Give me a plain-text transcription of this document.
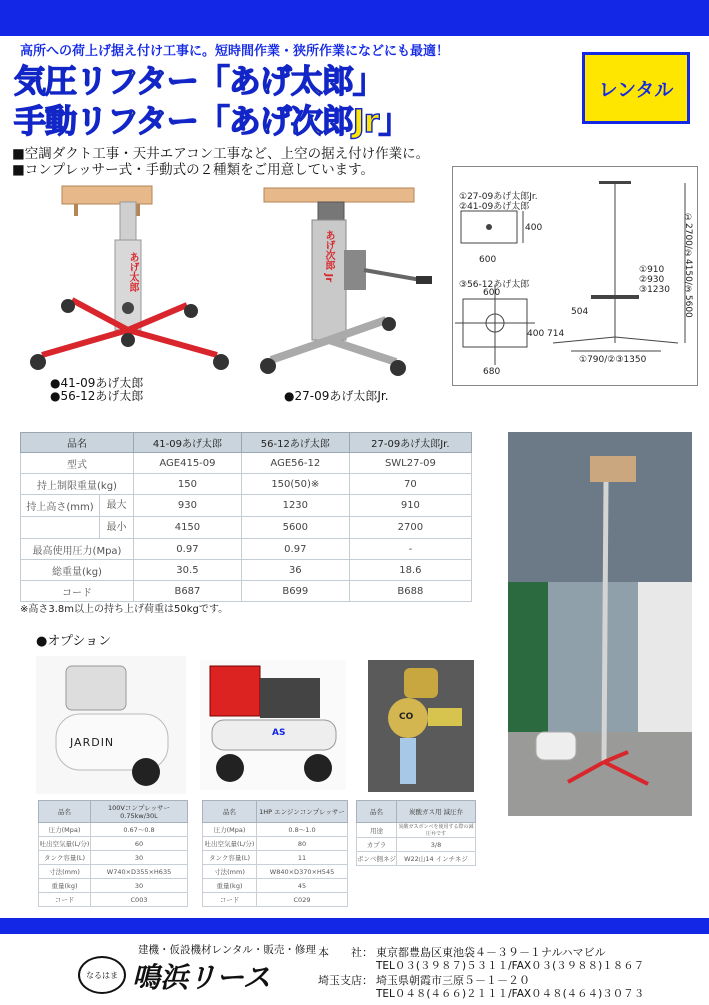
高所への荷上げ据え付け工事に。短時間作業・狭所作業になどにも最適！
気圧リフター「あげ太郎」
手動リフター「あげ次郎Jr」
レンタル
■空調ダクト工事・天井エアコン工事など、上空の据え付け作業に。
■コンプレッサー式・手動式の２種類をご用意しています。
あげ太郎
●41-09あげ太郎
●56-12あげ太郎
あげ次郎 Jr
●27-09あげ太郎Jr.
①27-09あげ太郎Jr.
②41-09あげ太郎
400
600
③56-12あげ太郎
600
400 714
680
504
①910
②930
③1230 ①2700/②4150/③5600
①790/②③1350
品名	41-09あげ太郎	56-12あげ太郎	27-09あげ太郎Jr.
型式	AGE415-09	AGE56-12	SWL27-09
持上制限重量(kg)	150	150(50)※	70

持上高さ(mm) 最大	930	1230	910

最小	4150	5600	2700
最高使用圧力(Mpa)	0.97	0.97	-
総重量(kg)	30.5	36	18.6
コード	B687	B699	B688
※高さ3.8m以上の持ち上げ荷重は50kgです。
●オプション
JARDIN
AS
CO
品名	100Vコンプレッサー 0.75kw/30L
圧力(Mpa)	0.67〜0.8
吐出空気量(L/分)	60
タンク容量(L)	30
寸法(mm)	W740×D355×H635
重量(kg)	30
コード	C003
品名	1HP エンジンコンプレッサー
圧力(Mpa)	0.8〜1.0
吐出空気量(L/分)	80
タンク容量(L)	11
寸法(mm)	W840×D370×H545
重量(kg)	45
コード	C029
品名	炭酸ガス用 減圧弁
用途	炭酸ガスボンベを使用する際の減圧弁です
カプラ	3/8
ボンベ側ネジ	W22山14 インチネジ
建機・仮設機材レンタル・販売・修理
なるはま 鳴浜リース
本　　社： 東京都豊島区東池袋４－３９－１ナルハマビル
TEL０３(３９８７)５３１１/FAX０３(３９８８)１８６７
埼玉支店： 埼玉県朝霞市三原５－１－２０
TEL０４８(４６６)２１１１/FAX０４８(４６４)３０７３
